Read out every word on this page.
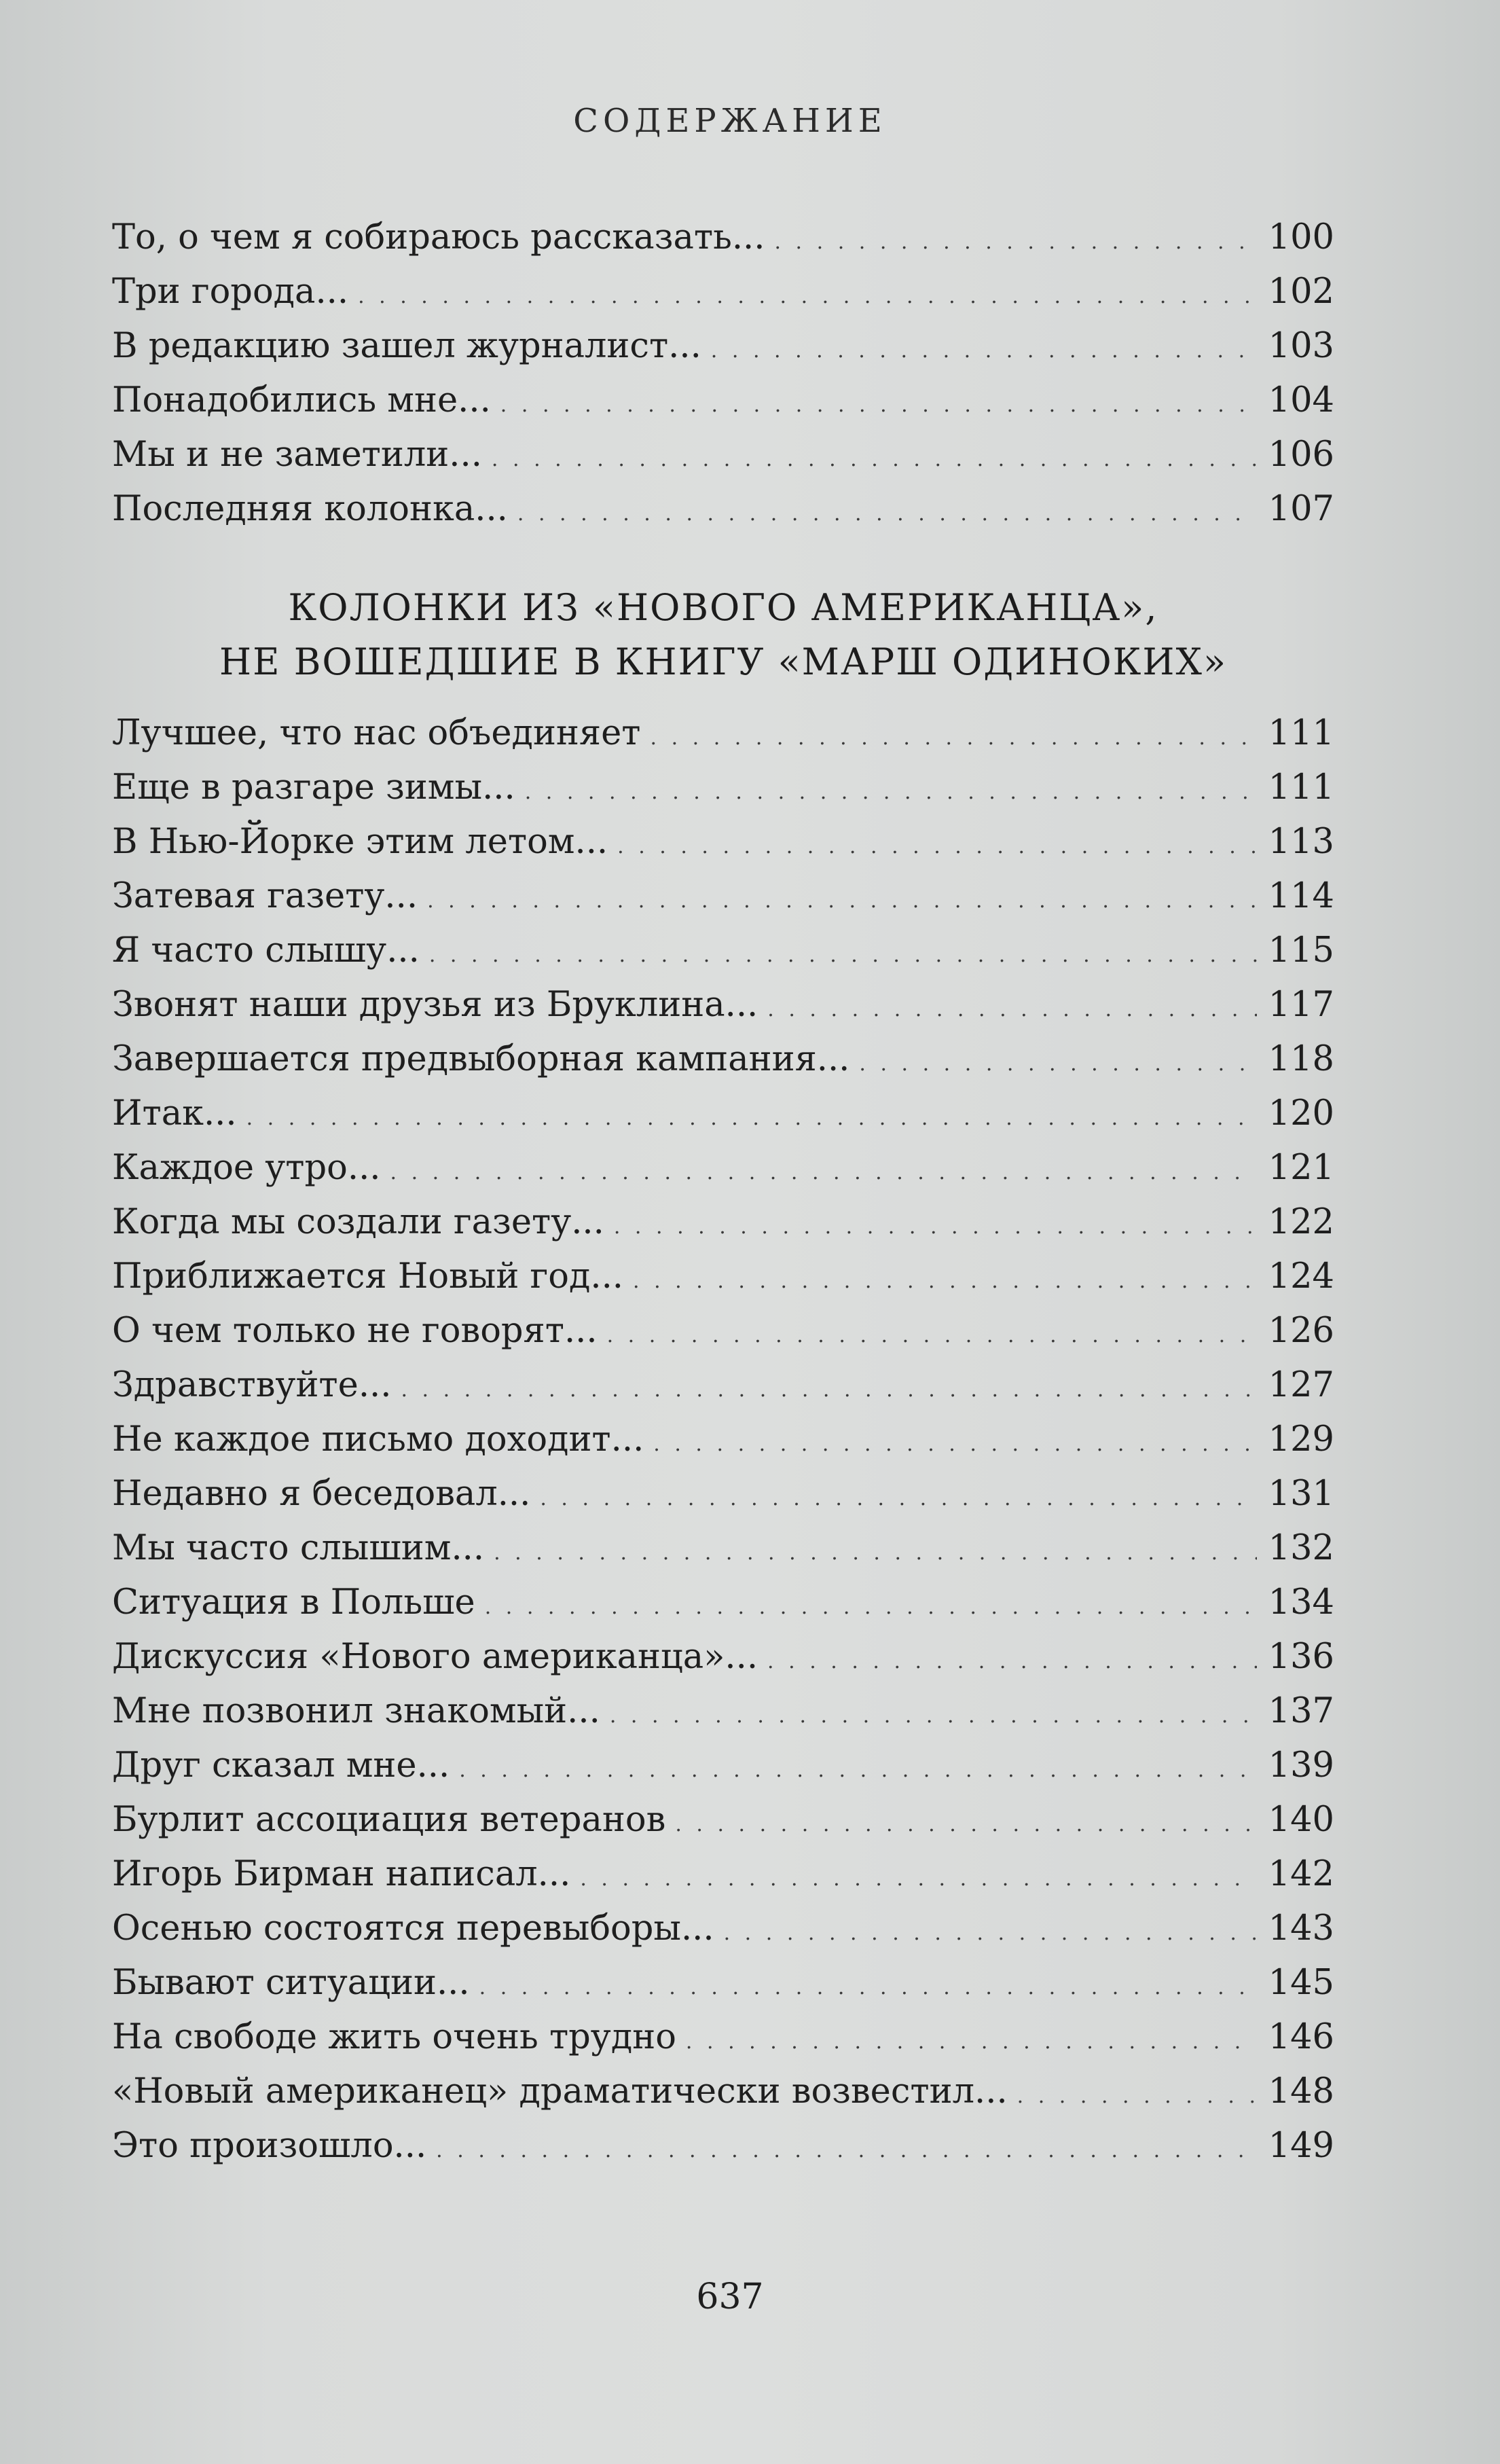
СОДЕРЖАНИЕ
То, о чем я собираюсь рассказать... . . .	100
Три города... . . .	102
В редакцию зашел журналист... . . .	103
Понадобились мне... . . .	104
Мы и не заметили... . . .	106
Последняя колонка... . . .	107
КОЛОНКИ ИЗ «НОВОГО АМЕРИКАНЦА»,
НЕ ВОШЕДШИЕ В КНИГУ «МАРШ ОДИНОКИХ»
Лучшее, что нас объединяет . . .	111
Еще в разгаре зимы... . . .	111
В Нью-Йорке этим летом... . . .	113
Затевая газету... . . .	114
Я часто слышу... . . .	115
Звонят наши друзья из Бруклина... . . .	117
Завершается предвыборная кампания... . . .	118
Итак... . . .	120
Каждое утро... . . .	121
Когда мы создали газету... . . .	122
Приближается Новый год... . . .	124
О чем только не говорят... . . .	126
Здравствуйте... . . .	127
Не каждое письмо доходит... . . .	129
Недавно я беседовал... . . .	131
Мы часто слышим... . . .	132
Ситуация в Польше . . .	134
Дискуссия «Нового американца»... . . .	136
Мне позвонил знакомый... . . .	137
Друг сказал мне... . . .	139
Бурлит ассоциация ветеранов . . .	140
Игорь Бирман написал... . . .	142
Осенью состоятся перевыборы... . . .	143
Бывают ситуации... . . .	145
На свободе жить очень трудно . . .	146
«Новый американец» драматически возвестил... . . .	148
Это произошло... . . .	149
637
